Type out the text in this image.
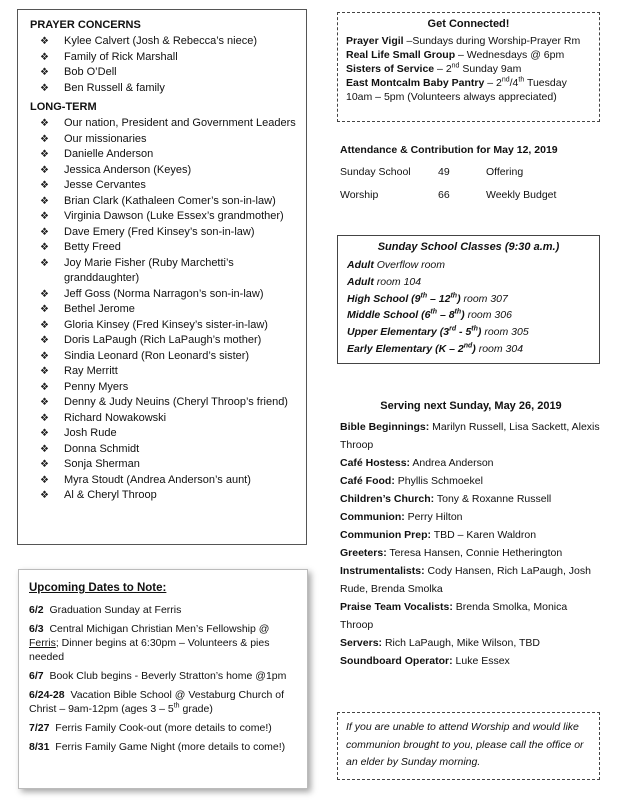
PRAYER CONCERNS
❖ Kylee Calvert (Josh & Rebecca’s niece)
❖ Family of Rick Marshall
❖ Bob O’Dell
❖ Ben Russell & family
LONG-TERM
❖ Our nation, President and Government Leaders
❖ Our missionaries
❖ Danielle Anderson
❖ Jessica Anderson (Keyes)
❖ Jesse Cervantes
❖ Brian Clark (Kathaleen Comer’s son-in-law)
❖ Virginia Dawson (Luke Essex’s grandmother)
❖ Dave Emery (Fred Kinsey’s son-in-law)
❖ Betty Freed
❖ Joy Marie Fisher (Ruby Marchetti’s granddaughter)
❖ Jeff Goss (Norma Narragon’s son-in-law)
❖ Bethel Jerome
❖ Gloria Kinsey (Fred Kinsey’s sister-in-law)
❖ Doris LaPaugh (Rich LaPaugh’s mother)
❖ Sindia Leonard (Ron Leonard’s sister)
❖ Ray Merritt
❖ Penny Myers
❖ Denny & Judy Neuins (Cheryl Throop’s friend)
❖ Richard Nowakowski
❖ Josh Rude
❖ Donna Schmidt
❖ Sonja Sherman
❖ Myra Stoudt (Andrea Anderson’s aunt)
❖ Al & Cheryl Throop
Upcoming Dates to Note:
6/2 Graduation Sunday at Ferris
6/3 Central Michigan Christian Men’s Fellowship @ Ferris; Dinner begins at 6:30pm – Volunteers & pies needed
6/7 Book Club begins - Beverly Stratton’s home @1pm
6/24-28 Vacation Bible School @ Vestaburg Church of Christ – 9am-12pm (ages 3 – 5th grade)
7/27 Ferris Family Cook-out (more details to come!)
8/31 Ferris Family Game Night (more details to come!)
Get Connected!
Prayer Vigil –Sundays during Worship-Prayer Rm
Real Life Small Group – Wednesdays @ 6pm
Sisters of Service – 2nd Sunday 9am
East Montcalm Baby Pantry – 2nd/4th Tuesday
10am – 5pm (Volunteers always appreciated)
Attendance & Contribution for May 12, 2019
Sunday School	49	Offering
Worship	66	Weekly Budget
Sunday School Classes (9:30 a.m.)
Adult Overflow room
Adult room 104
High School (9th – 12th) room 307
Middle School (6th – 8th) room 306
Upper Elementary (3rd - 5th) room 305
Early Elementary (K – 2nd) room 304
Serving next Sunday, May 26, 2019
Bible Beginnings: Marilyn Russell, Lisa Sackett, Alexis Throop
Café Hostess: Andrea Anderson
Café Food: Phyllis Schmoekel
Children’s Church: Tony & Roxanne Russell
Communion: Perry Hilton
Communion Prep: TBD – Karen Waldron
Greeters: Teresa Hansen, Connie Hetherington
Instrumentalists: Cody Hansen, Rich LaPaugh, Josh Rude, Brenda Smolka
Praise Team Vocalists: Brenda Smolka, Monica Throop
Servers: Rich LaPaugh, Mike Wilson, TBD
Soundboard Operator: Luke Essex
If you are unable to attend Worship and would like communion brought to you, please call the office or an elder by Sunday morning.
